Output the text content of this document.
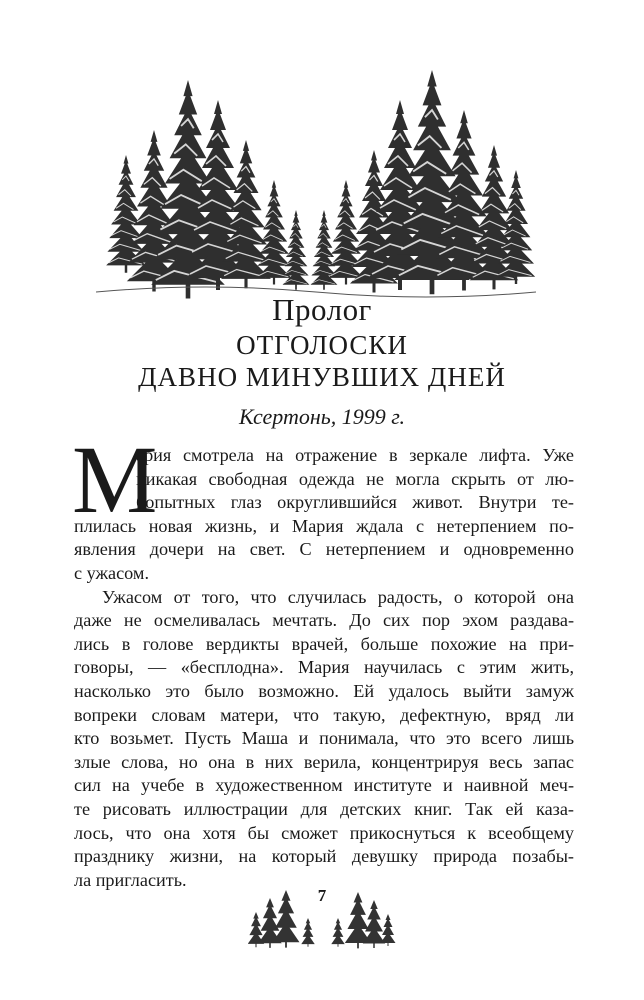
Пролог
ОТГОЛОСКИ
ДАВНО МИНУВШИХ ДНЕЙ
Ксертонь, 1999 г.
М
ария смотрела на отражение в зеркале лифта. Уже
никакая свободная одежда не могла скрыть от лю-
бопытных глаз округлившийся живот. Внутри те-
плилась новая жизнь, и Мария ждала с нетерпением по-
явления дочери на свет. С нетерпением и одновременно
с ужасом.
Ужасом от того, что случилась радость, о которой она
даже не осмеливалась мечтать. До сих пор эхом раздава-
лись в голове вердикты врачей, больше похожие на при-
говоры, — «бесплодна». Мария научилась с этим жить,
насколько это было возможно. Ей удалось выйти замуж
вопреки словам матери, что такую, дефектную, вряд ли
кто возьмет. Пусть Маша и понимала, что это всего лишь
злые слова, но она в них верила, концентрируя весь запас
сил на учебе в художественном институте и наивной меч-
те рисовать иллюстрации для детских книг. Так ей каза-
лось, что она хотя бы сможет прикоснуться к всеобщему
празднику жизни, на который девушку природа позабы-
ла пригласить.
7
